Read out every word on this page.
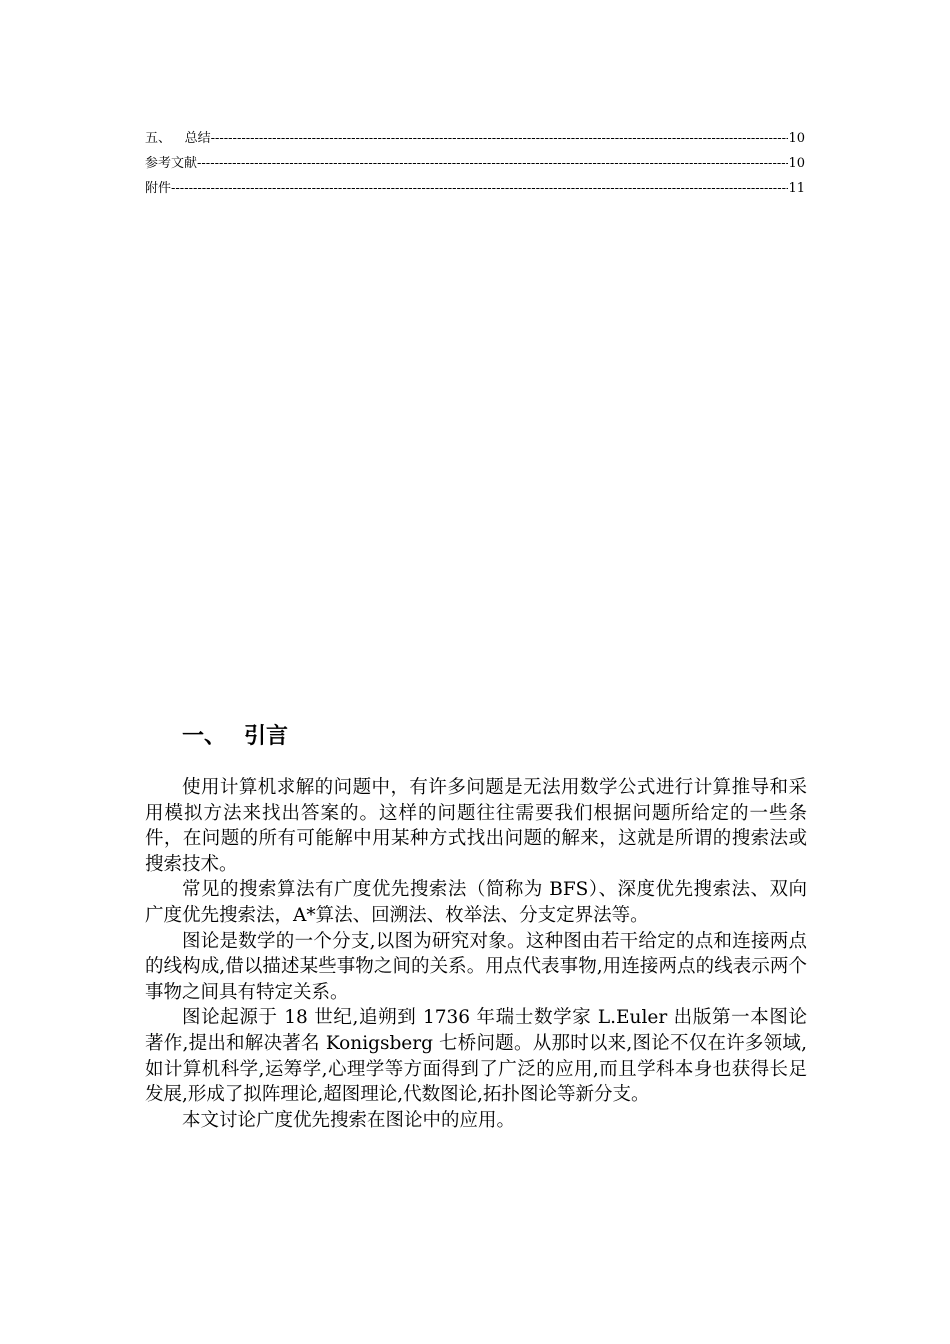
五、	总结 -----	10
参考文献 -----	10
附件 -----	11
一、 引言

使用计算机求解的问题中，有许多问题是无法用数学公式进行计算推导和采用模拟方法来找出答案的。这样的问题往往需要我们根据问题所给定的一些条件，在问题的所有可能解中用某种方式找出问题的解来，这就是所谓的搜索法或搜索技术。

常见的搜索算法有广度优先搜索法（简称为 BFS）、深度优先搜索法、双向广度优先搜索法，A*算法、回溯法、枚举法、分支定界法等。

图论是数学的一个分支,以图为研究对象。这种图由若干给定的点和连接两点的线构成,借以描述某些事物之间的关系。用点代表事物,用连接两点的线表示两个事物之间具有特定关系。

图论起源于 18 世纪,追朔到 1736 年瑞士数学家 L.Euler 出版第一本图论著作,提出和解决著名 Konigsberg 七桥问题。从那时以来,图论不仅在许多领域,如计算机科学,运筹学,心理学等方面得到了广泛的应用,而且学科本身也获得长足发展,形成了拟阵理论,超图理论,代数图论,拓扑图论等新分支。

本文讨论广度优先搜索在图论中的应用。
